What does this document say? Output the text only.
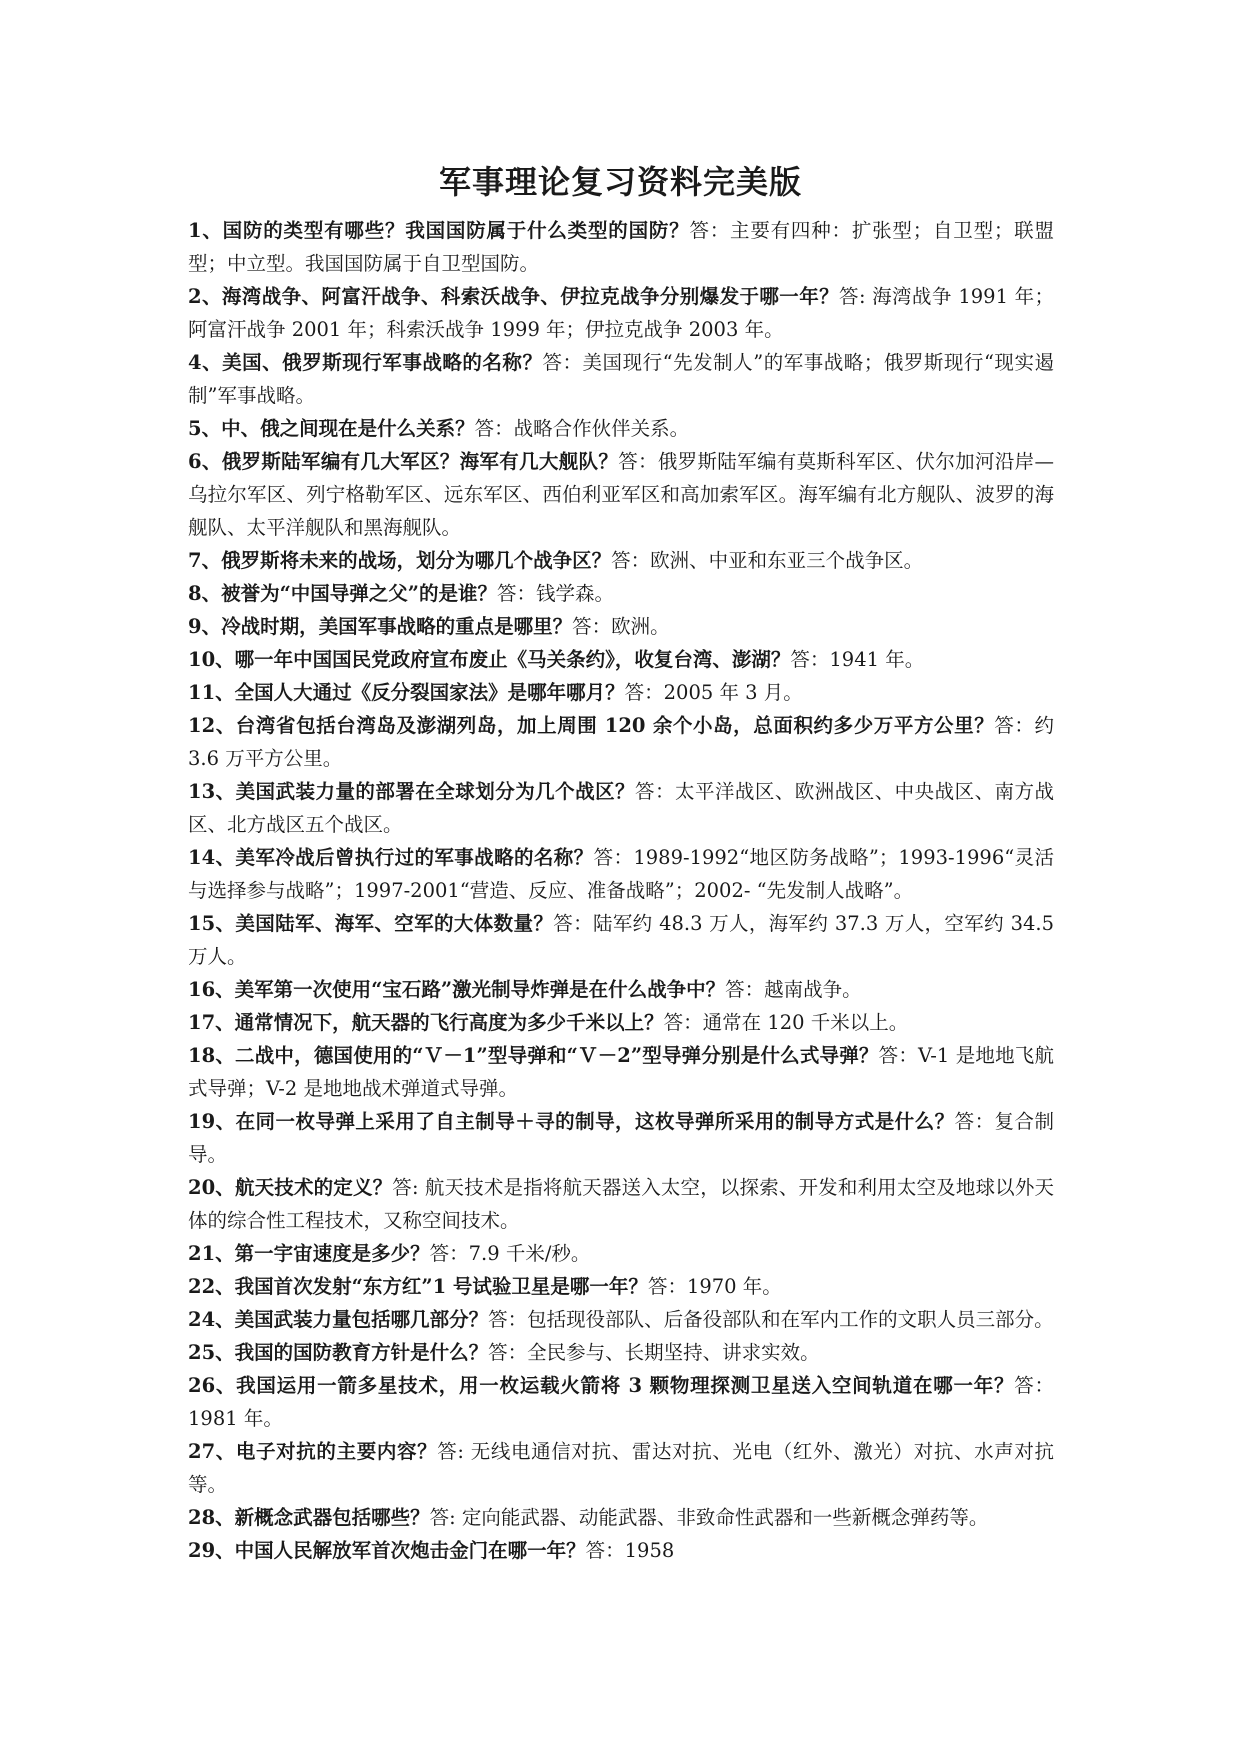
军事理论复习资料完美版

1、国防的类型有哪些？我国国防属于什么类型的国防？答：主要有四种：扩张型；自卫型；联盟型；中立型。我国国防属于自卫型国防。

2、海湾战争、阿富汗战争、科索沃战争、伊拉克战争分别爆发于哪一年？答: 海湾战争 1991 年；阿富汗战争 2001 年；科索沃战争 1999 年；伊拉克战争 2003 年。

4、美国、俄罗斯现行军事战略的名称？答：美国现行“先发制人”的军事战略；俄罗斯现行“现实遏制”军事战略。

5、中、俄之间现在是什么关系？答：战略合作伙伴关系。

6、俄罗斯陆军编有几大军区？海军有几大舰队？答：俄罗斯陆军编有莫斯科军区、伏尔加河沿岸—乌拉尔军区、列宁格勒军区、远东军区、西伯利亚军区和高加索军区。海军编有北方舰队、波罗的海舰队、太平洋舰队和黑海舰队。

7、俄罗斯将未来的战场，划分为哪几个战争区？答：欧洲、中亚和东亚三个战争区。

8、被誉为“中国导弹之父”的是谁？答：钱学森。

9、冷战时期，美国军事战略的重点是哪里？答：欧洲。

10、哪一年中国国民党政府宣布废止《马关条约》，收复台湾、澎湖？答：1941 年。

11、全国人大通过《反分裂国家法》是哪年哪月？答：2005 年 3 月。

12、台湾省包括台湾岛及澎湖列岛，加上周围 120 余个小岛，总面积约多少万平方公里？答：约 3.6 万平方公里。

13、美国武装力量的部署在全球划分为几个战区？答：太平洋战区、欧洲战区、中央战区、南方战区、北方战区五个战区。

14、美军冷战后曾执行过的军事战略的名称？答：1989-1992“地区防务战略”；1993-1996“灵活与选择参与战略”；1997-2001“营造、反应、准备战略”；2002- “先发制人战略”。

15、美国陆军、海军、空军的大体数量？答：陆军约 48.3 万人，海军约 37.3 万人，空军约 34.5 万人。

16、美军第一次使用“宝石路”激光制导炸弹是在什么战争中？答：越南战争。

17、通常情况下，航天器的飞行高度为多少千米以上？答：通常在 120 千米以上。

18、二战中，德国使用的“Ｖ－1”型导弹和“Ｖ－2”型导弹分别是什么式导弹？答：V-1 是地地飞航式导弹；V-2 是地地战术弹道式导弹。

19、在同一枚导弹上采用了自主制导＋寻的制导，这枚导弹所采用的制导方式是什么？答：复合制导。

20、航天技术的定义？答: 航天技术是指将航天器送入太空，以探索、开发和利用太空及地球以外天体的综合性工程技术，又称空间技术。

21、第一宇宙速度是多少？答：7.9 千米/秒。

22、我国首次发射“东方红”1 号试验卫星是哪一年？答：1970 年。

24、美国武装力量包括哪几部分？答：包括现役部队、后备役部队和在军内工作的文职人员三部分。

25、我国的国防教育方针是什么？答：全民参与、长期坚持、讲求实效。

26、我国运用一箭多星技术，用一枚运载火箭将 3 颗物理探测卫星送入空间轨道在哪一年？答：1981 年。

27、电子对抗的主要内容？答: 无线电通信对抗、雷达对抗、光电（红外、激光）对抗、水声对抗等。

28、新概念武器包括哪些？答: 定向能武器、动能武器、非致命性武器和一些新概念弹药等。

29、中国人民解放军首次炮击金门在哪一年？答：1958
